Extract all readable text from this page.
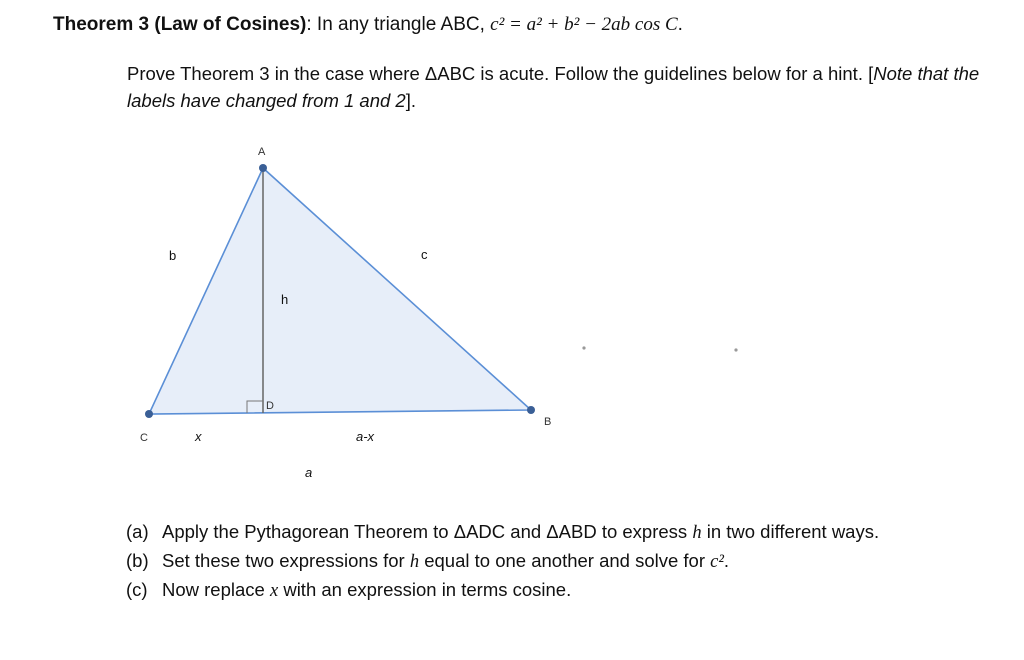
Theorem 3 (Law of Cosines): In any triangle ABC, c² = a² + b² − 2ab cos C.
Prove Theorem 3 in the case where ΔABC is acute. Follow the guidelines below for a hint. [Note that the labels have changed from 1 and 2].
A
C
B
D
b	c
h
x	a-x
a
(a) Apply the Pythagorean Theorem to ΔADC and ΔABD to express h in two different ways.
(b) Set these two expressions for h equal to one another and solve for c².
(c) Now replace x with an expression in terms cosine.
